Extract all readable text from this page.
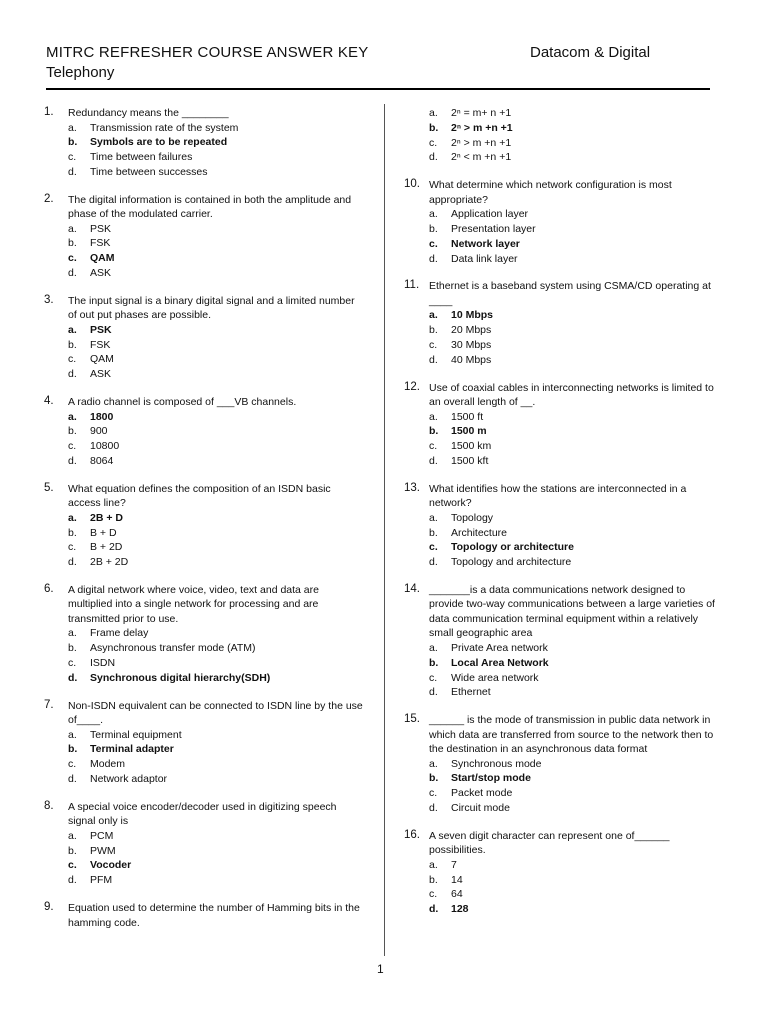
MITRC REFRESHER COURSE ANSWER KEY	Datacom & Digital
Telephony
1. Redundancy means the ________
a.	Transmission rate of the system
b.	Symbols are to be repeated
c.	Time between failures
d.	Time between successes
2. The digital information is contained in both the amplitude and phase of the modulated carrier.
a.	PSK
b.	FSK
c.	QAM
d.	ASK
3. The input signal is a binary digital signal and a limited number of out put phases are possible.
a.	PSK
b.	FSK
c.	QAM
d.	ASK
4. A radio channel is composed of ___VB channels.
a.	1800
b.	900
c.	10800
d.	8064
5. What equation defines the composition of an ISDN basic access line?
a.	2B + D
b.	B + D
c.	B + 2D
d.	2B + 2D
6. A digital network where voice, video, text and data are multiplied into a single network for processing and are transmitted prior to use.
a.	Frame delay
b.	Asynchronous transfer mode (ATM)
c.	ISDN
d.	Synchronous digital hierarchy(SDH)
7. Non-ISDN equivalent can be connected to ISDN line by the use of____.
a.	Terminal equipment
b.	Terminal adapter
c.	Modem
d.	Network adaptor
8. A special voice encoder/decoder used in digitizing speech signal only is
a.	PCM
b.	PWM
c.	Vocoder
d.	PFM
9. Equation used to determine the number of Hamming bits in the hamming code.
a.	2ⁿ = m+ n +1
b.	2ⁿ > m +n +1
c.	2ⁿ > m +n +1
d.	2ⁿ < m +n +1
10. What determine which network configuration is most appropriate?
a.	Application layer
b.	Presentation layer
c.	Network layer
d.	Data link layer
11. Ethernet is a baseband system using CSMA/CD operating at ____
a.	10 Mbps
b.	20 Mbps
c.	30 Mbps
d.	40 Mbps
12. Use of coaxial cables in interconnecting networks is limited to an overall length of __.
a.	1500 ft
b.	1500 m
c.	1500 km
d.	1500 kft
13. What identifies how the stations are interconnected in a network?
a.	Topology
b.	Architecture
c.	Topology or architecture
d.	Topology and architecture
14. _______is a data communications network designed to provide two-way communications between a large varieties of data communication terminal equipment within a relatively small geographic area
a.	Private Area network
b.	Local Area Network
c.	Wide area network
d.	Ethernet
15. ______ is the mode of transmission in public data network in which data are transferred from source to the network then to the destination in an asynchronous data format
a.	Synchronous mode
b.	Start/stop mode
c.	Packet mode
d.	Circuit mode
16. A seven digit character can represent one of______ possibilities.
a.	7
b.	14
c.	64
d.	128
1
